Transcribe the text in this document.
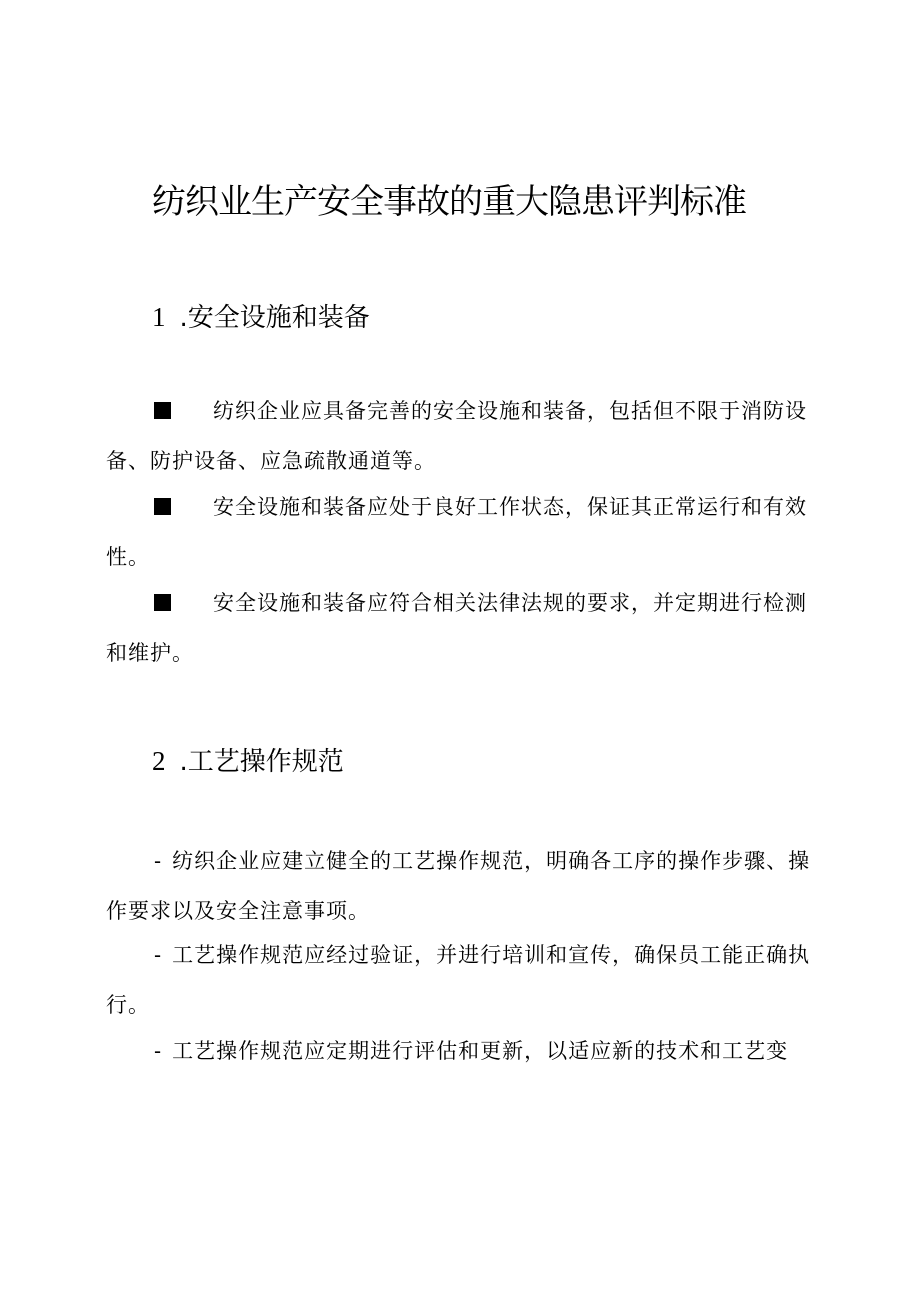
纺织业生产安全事故的重大隐患评判标准
1 .安全设施和装备
纺织企业应具备完善的安全设施和装备，包括但不限于消防设备、防护设备、应急疏散通道等。
安全设施和装备应处于良好工作状态，保证其正常运行和有效性。
安全设施和装备应符合相关法律法规的要求，并定期进行检测和维护。
2 .工艺操作规范
- 纺织企业应建立健全的工艺操作规范，明确各工序的操作步骤、操作要求以及安全注意事项。
- 工艺操作规范应经过验证，并进行培训和宣传，确保员工能正确执行。
- 工艺操作规范应定期进行评估和更新，以适应新的技术和工艺变
